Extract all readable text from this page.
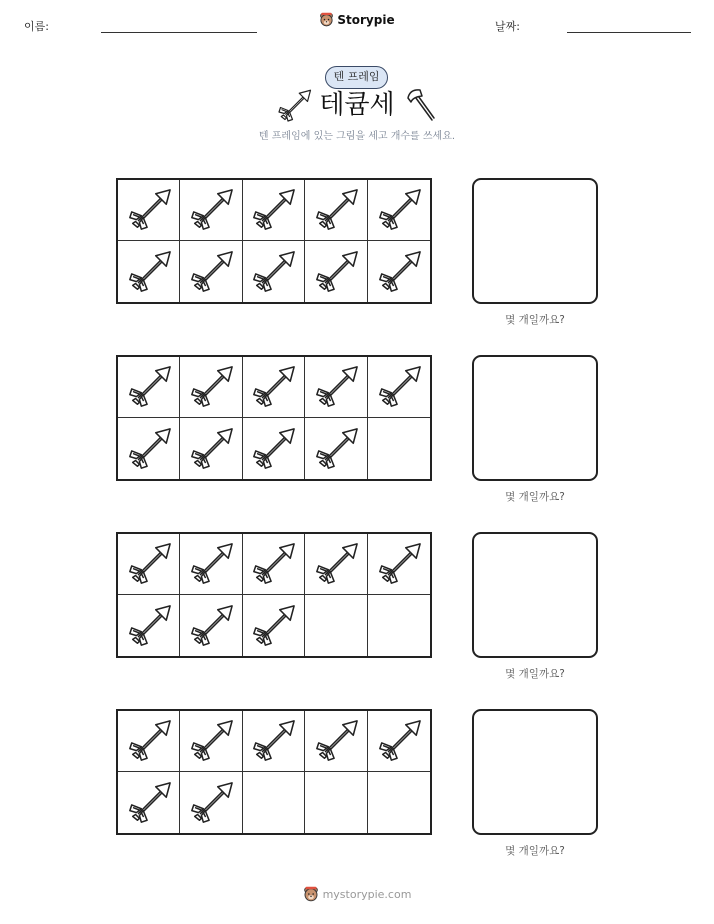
이름:	Storypie	날짜:
텐 프레임
테큠세
텐 프레임에 있는 그림을 세고 개수를 쓰세요.
몇 개일까요?
몇 개일까요?
몇 개일까요?
몇 개일까요?
mystorypie.com
